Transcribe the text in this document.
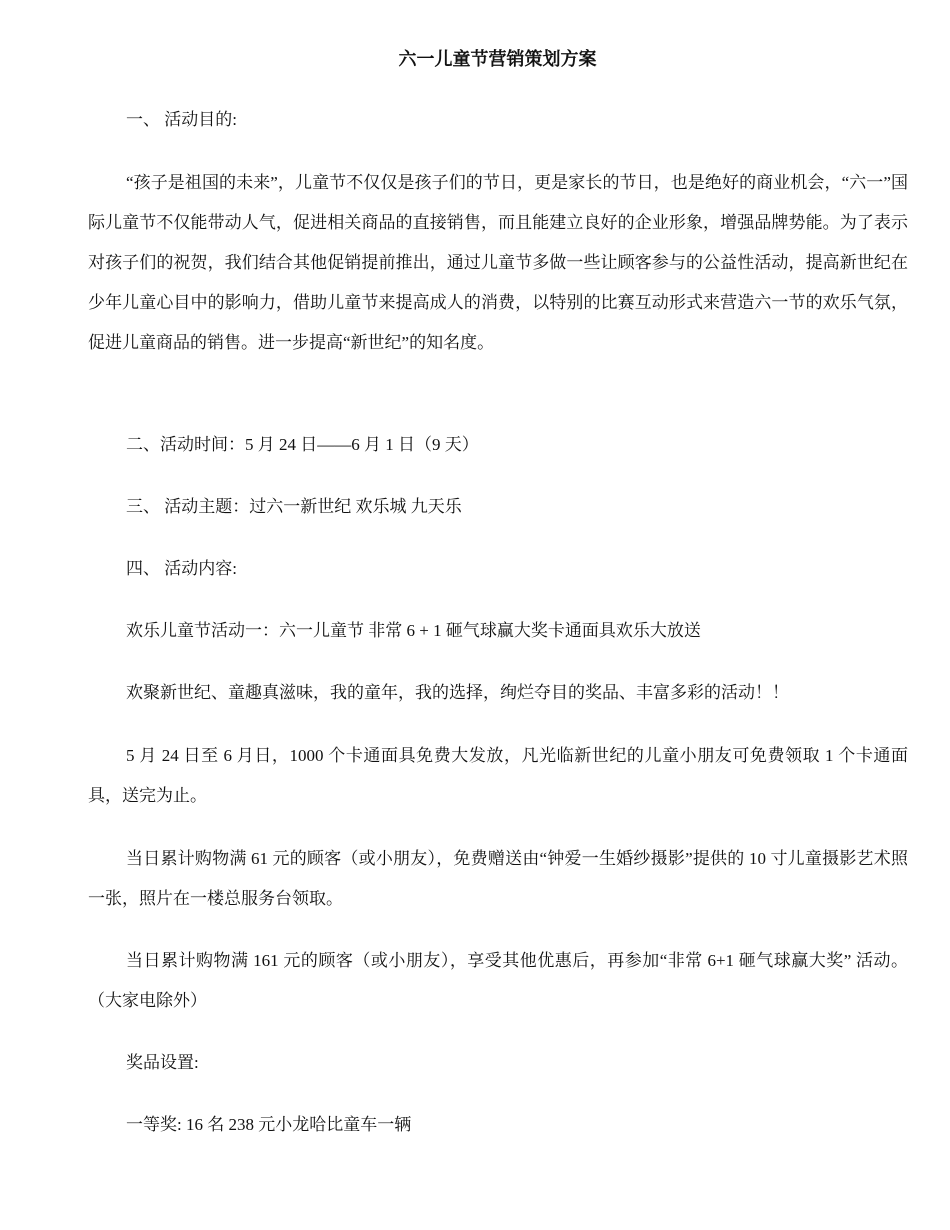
六一儿童节营销策划方案
一、 活动目的:
“孩子是祖国的未来”，儿童节不仅仅是孩子们的节日，更是家长的节日，也是绝好的商业机会，“六一”国际儿童节不仅能带动人气，促进相关商品的直接销售，而且能建立良好的企业形象，增强品牌势能。为了表示对孩子们的祝贺，我们结合其他促销提前推出，通过儿童节多做一些让顾客参与的公益性活动，提高新世纪在少年儿童心目中的影响力，借助儿童节来提高成人的消费，以特别的比赛互动形式来营造六一节的欢乐气氛，促进儿童商品的销售。进一步提高“新世纪”的知名度。
二、活动时间：5 月 24 日——6 月 1 日（9 天）
三、 活动主题：过六一新世纪 欢乐城 九天乐
四、 活动内容:
欢乐儿童节活动一：六一儿童节 非常 6 + 1 砸气球赢大奖卡通面具欢乐大放送
欢聚新世纪、童趣真滋味，我的童年，我的选择，绚烂夺目的奖品、丰富多彩的活动！！
5 月 24 日至 6 月日，1000 个卡通面具免费大发放，凡光临新世纪的儿童小朋友可免费领取 1 个卡通面具，送完为止。
当日累计购物满 61 元的顾客（或小朋友），免费赠送由“钟爱一生婚纱摄影”提供的 10 寸儿童摄影艺术照一张，照片在一楼总服务台领取。
当日累计购物满 161 元的顾客（或小朋友），享受其他优惠后，再参加“非常 6+1 砸气球赢大奖” 活动。（大家电除外）
奖品设置:
一等奖: 16 名 238 元小龙哈比童车一辆
